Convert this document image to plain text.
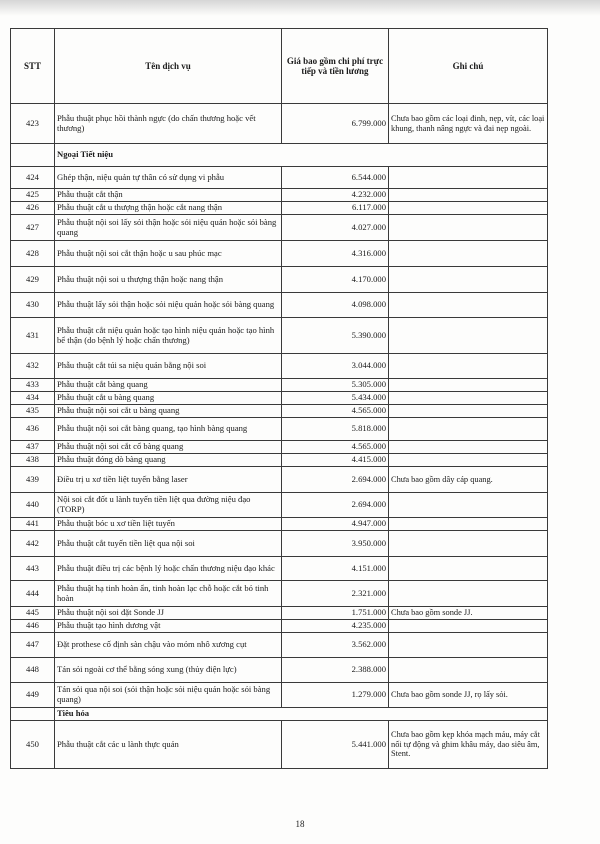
STT	Tên dịch vụ	Giá bao gồm chi phí trực tiếp và tiền lương	Ghi chú
423	Phẫu thuật phục hồi thành ngực (do chấn thương hoặc vết thương)	6.799.000	Chưa bao gồm các loại đinh, nẹp, vít, các loại khung, thanh nâng ngực và đai nẹp ngoài.
	Ngoại Tiết niệu		
424	Ghép thận, niệu quản tự thân có sử dụng vi phẫu	6.544.000	
425	Phẫu thuật cắt thận	4.232.000	
426	Phẫu thuật cắt u thượng thận hoặc cắt nang thận	6.117.000	
427	Phẫu thuật nội soi lấy sỏi thận hoặc sỏi niệu quản hoặc sỏi bàng quang	4.027.000	
428	Phẫu thuật nội soi cắt thận hoặc u sau phúc mạc	4.316.000	
429	Phẫu thuật nội soi u thượng thận hoặc nang thận	4.170.000	
430	Phẫu thuật lấy sỏi thận hoặc sỏi niệu quản hoặc sỏi bàng quang	4.098.000	
431	Phẫu thuật cắt niệu quản hoặc tạo hình niệu quản hoặc tạo hình bể thận (do bệnh lý hoặc chấn thương)	5.390.000	
432	Phẫu thuật cắt túi sa niệu quản bằng nội soi	3.044.000	
433	Phẫu thuật cắt bàng quang	5.305.000	
434	Phẫu thuật cắt u bàng quang	5.434.000	
435	Phẫu thuật nội soi cắt u bàng quang	4.565.000	
436	Phẫu thuật nội soi cắt bàng quang, tạo hình bàng quang	5.818.000	
437	Phẫu thuật nội soi cắt cổ bàng quang	4.565.000	
438	Phẫu thuật đóng dò bàng quang	4.415.000	
439	Điều trị u xơ tiền liệt tuyến bằng laser	2.694.000	Chưa bao gồm dây cáp quang.
440	Nội soi cắt đốt u lành tuyến tiền liệt qua đường niệu đạo (TORP)	2.694.000	
441	Phẫu thuật bóc u xơ tiền liệt tuyến	4.947.000	
442	Phẫu thuật cắt tuyến tiền liệt qua nội soi	3.950.000	
443	Phẫu thuật điều trị các bệnh lý hoặc chấn thương niệu đạo khác	4.151.000	
444	Phẫu thuật hạ tinh hoàn ẩn, tinh hoàn lạc chỗ hoặc cắt bỏ tinh hoàn	2.321.000	
445	Phẫu thuật nội soi đặt Sonde JJ	1.751.000	Chưa bao gồm sonde JJ.
446	Phẫu thuật tạo hình dương vật	4.235.000	
447	Đặt prothese cố định sàn chậu vào mỏm nhô xương cụt	3.562.000	
448	Tán sỏi ngoài cơ thể bằng sóng xung (thủy điện lực)	2.388.000	
449	Tán sỏi qua nội soi (sỏi thận hoặc sỏi niệu quản hoặc sỏi bàng quang)	1.279.000	Chưa bao gồm sonde JJ, rọ lấy sỏi.
	Tiêu hóa		
450	Phẫu thuật cắt các u lành thực quản	5.441.000	Chưa bao gồm kẹp khóa mạch máu, máy cắt nối tự động và ghim khâu máy, dao siêu âm, Stent.
18
